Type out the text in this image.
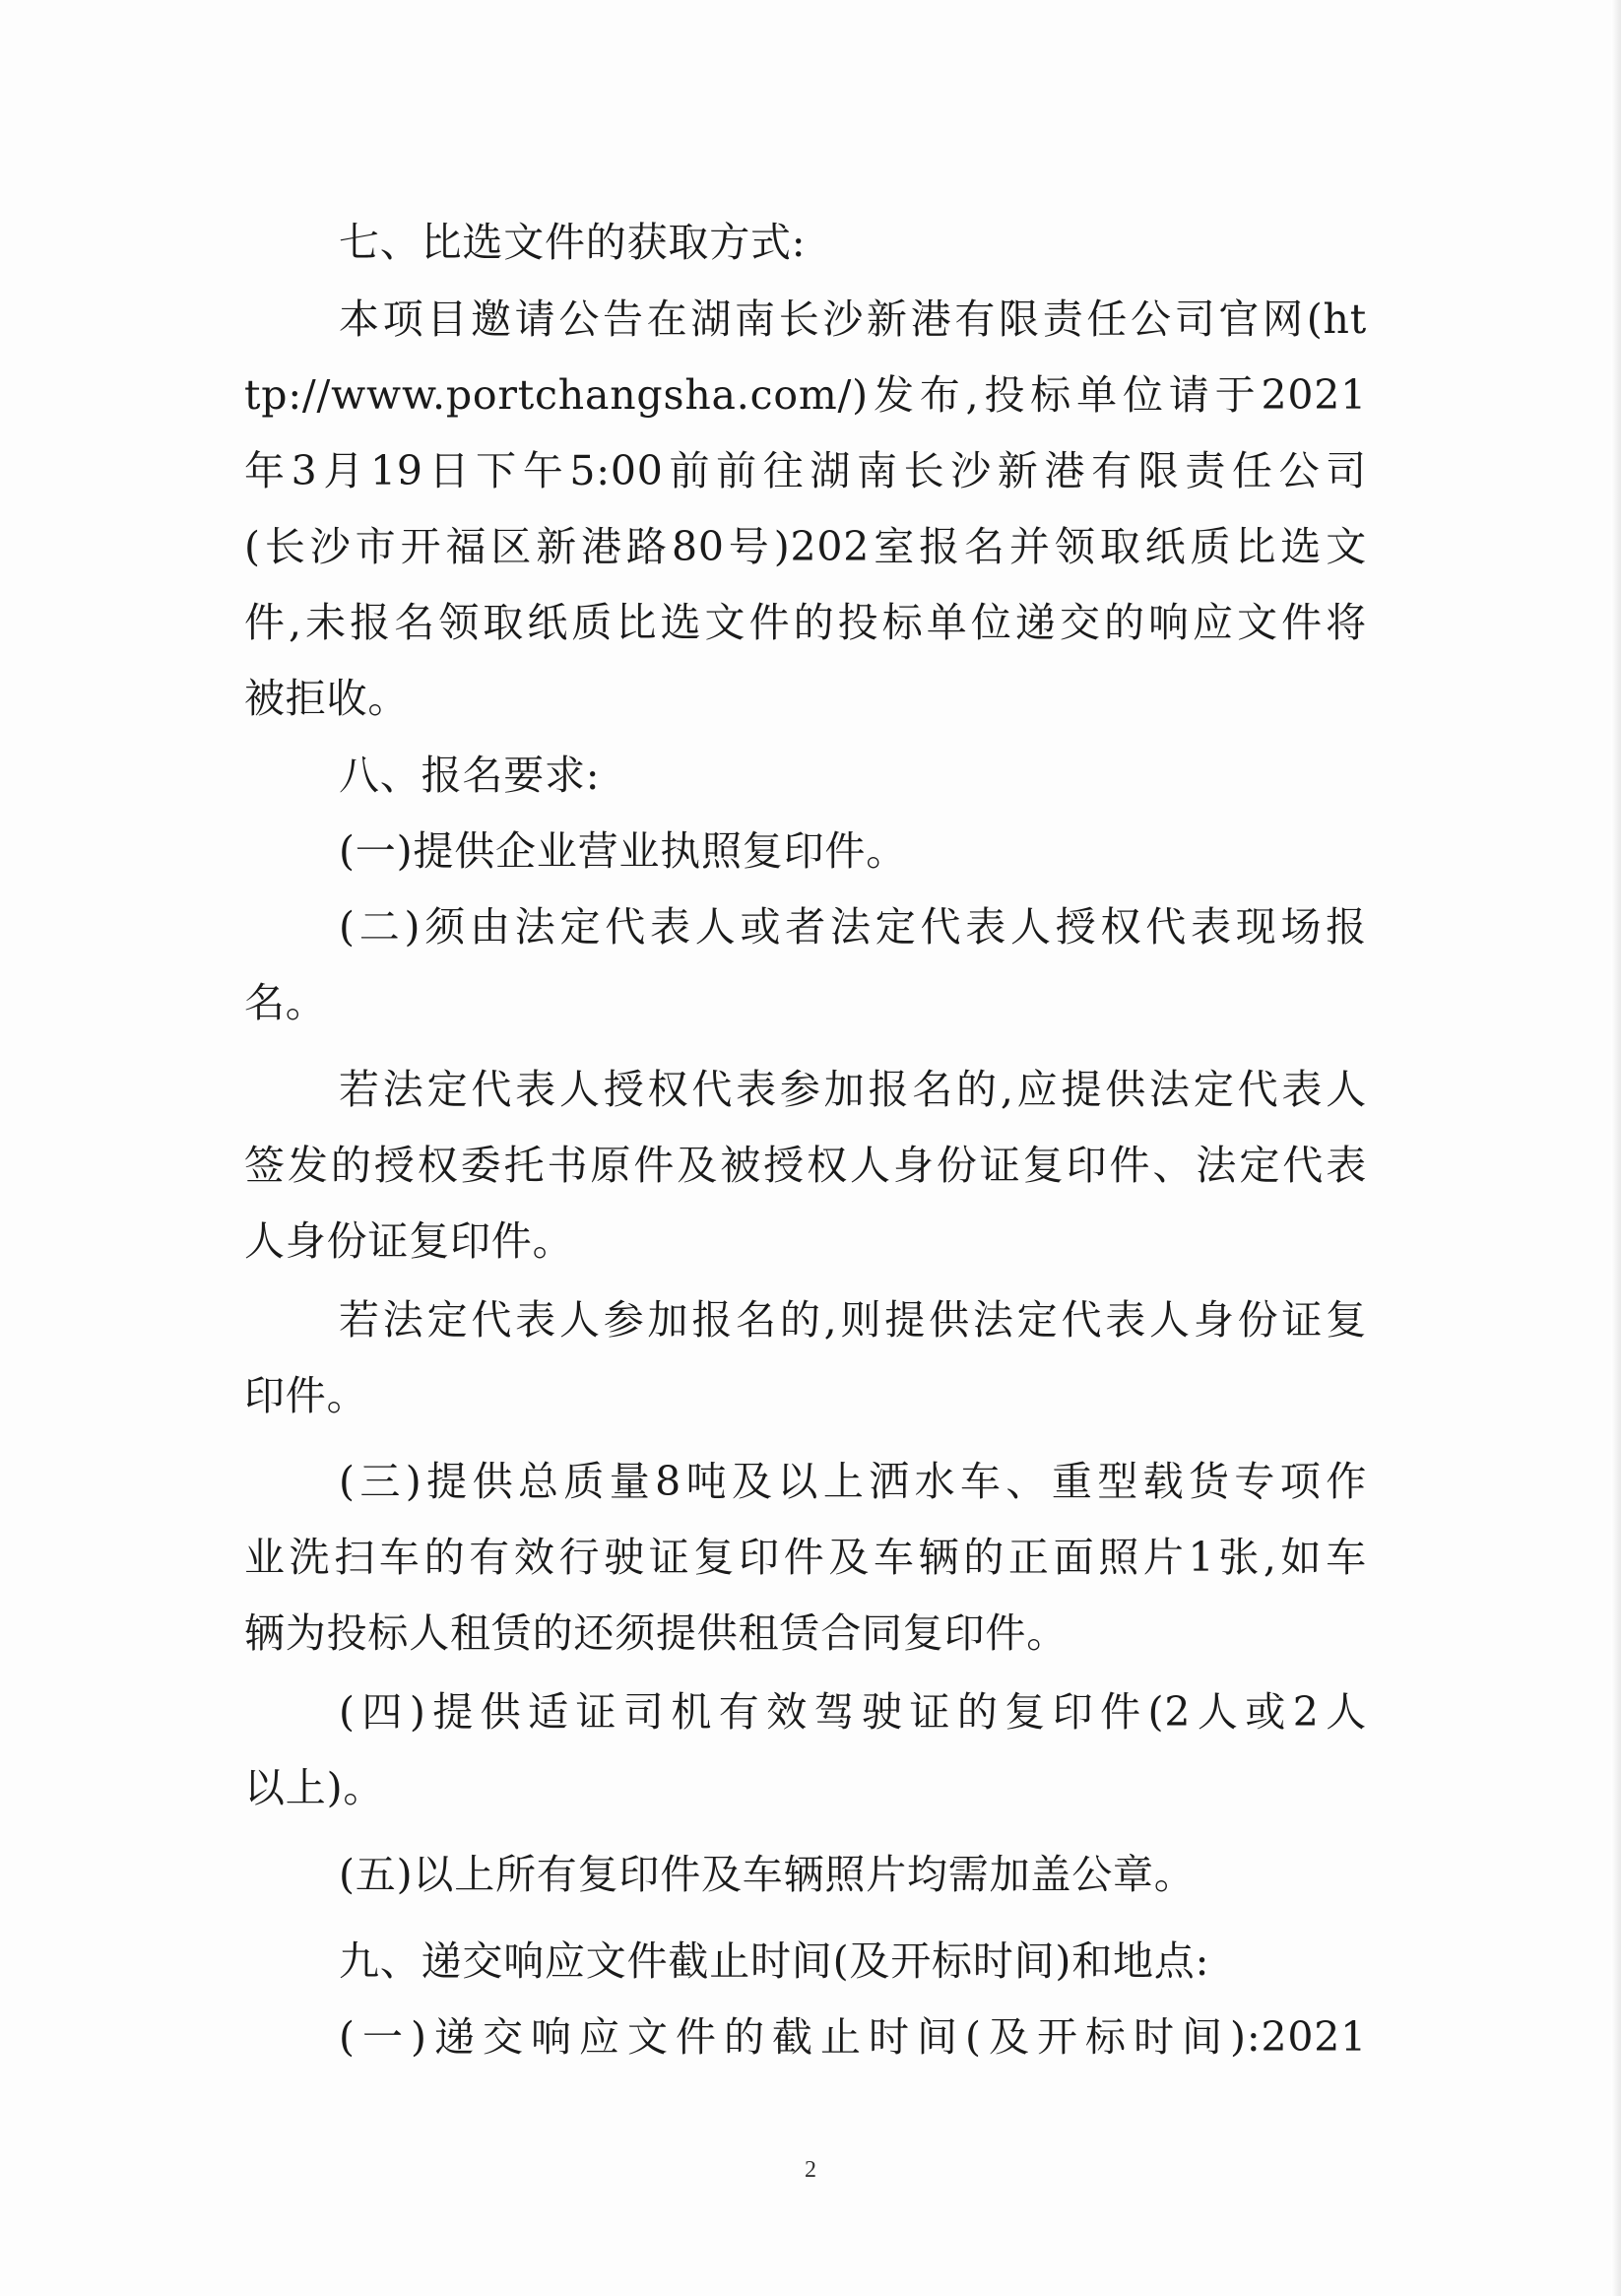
七、比选文件的获取方式:
本项目邀请公告在湖南长沙新港有限责任公司官网(ht
tp://www.portchangsha.com/)发布,投标单位请于2021
年3月19日下午5:00前前往湖南长沙新港有限责任公司
(长沙市开福区新港路80号)202室报名并领取纸质比选文
件,未报名领取纸质比选文件的投标单位递交的响应文件将
被拒收。
八、报名要求:
(一)提供企业营业执照复印件。
(二)须由法定代表人或者法定代表人授权代表现场报
名。
若法定代表人授权代表参加报名的,应提供法定代表人
签发的授权委托书原件及被授权人身份证复印件、法定代表
人身份证复印件。
若法定代表人参加报名的,则提供法定代表人身份证复
印件。
(三)提供总质量8吨及以上洒水车、重型载货专项作
业洗扫车的有效行驶证复印件及车辆的正面照片1张,如车
辆为投标人租赁的还须提供租赁合同复印件。
(四)提供适证司机有效驾驶证的复印件(2人或2人
以上)。
(五)以上所有复印件及车辆照片均需加盖公章。
九、递交响应文件截止时间(及开标时间)和地点:
(一)递交响应文件的截止时间(及开标时间):2021
2
